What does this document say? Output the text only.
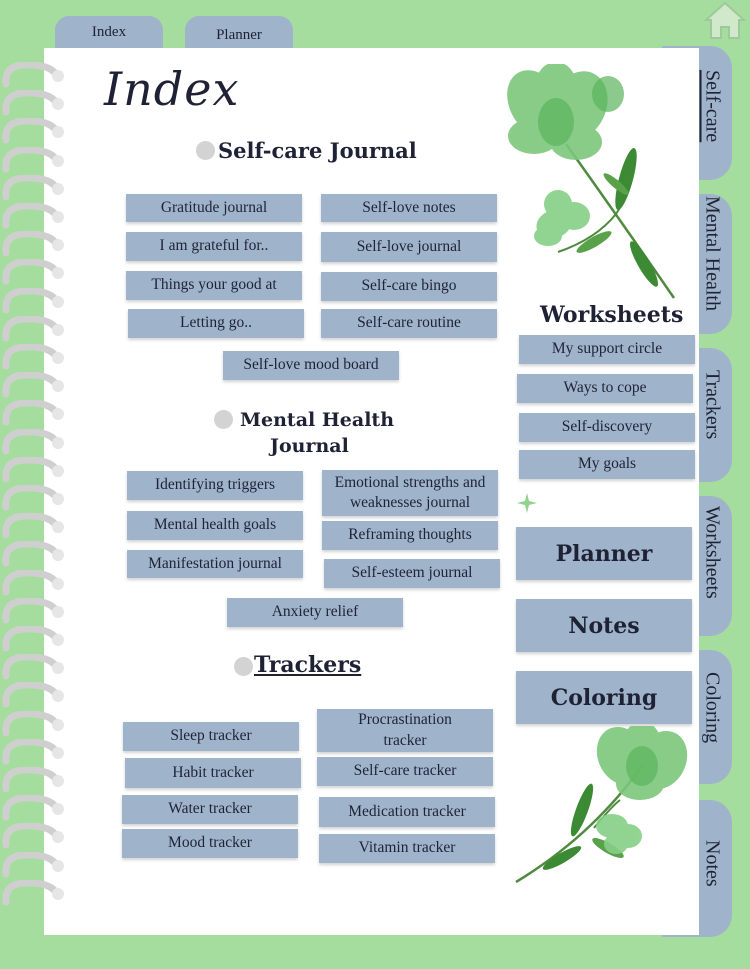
Index	Planner
Self-care
Mental Health
Trackers
Worksheets
Coloring
Notes
Index
Self-care Journal
Gratitude journal	Self-love notes
I am grateful for..	Self-love journal
Things your good at	Self-care bingo
Letting go..	Self-care routine
Self-love mood board
Mental Health
Journal
Identifying triggers	Emotional strengths and weaknesses journal
Mental health goals
Reframing thoughts
Manifestation journal
Self-esteem journal
Anxiety relief
Trackers
Sleep tracker
Procrastination tracker
Habit tracker	Self-care tracker
Water tracker	Medication tracker
Mood tracker	Vitamin tracker
Worksheets
My support circle
Ways to cope
Self-discovery
My goals
Planner
Notes
Coloring
